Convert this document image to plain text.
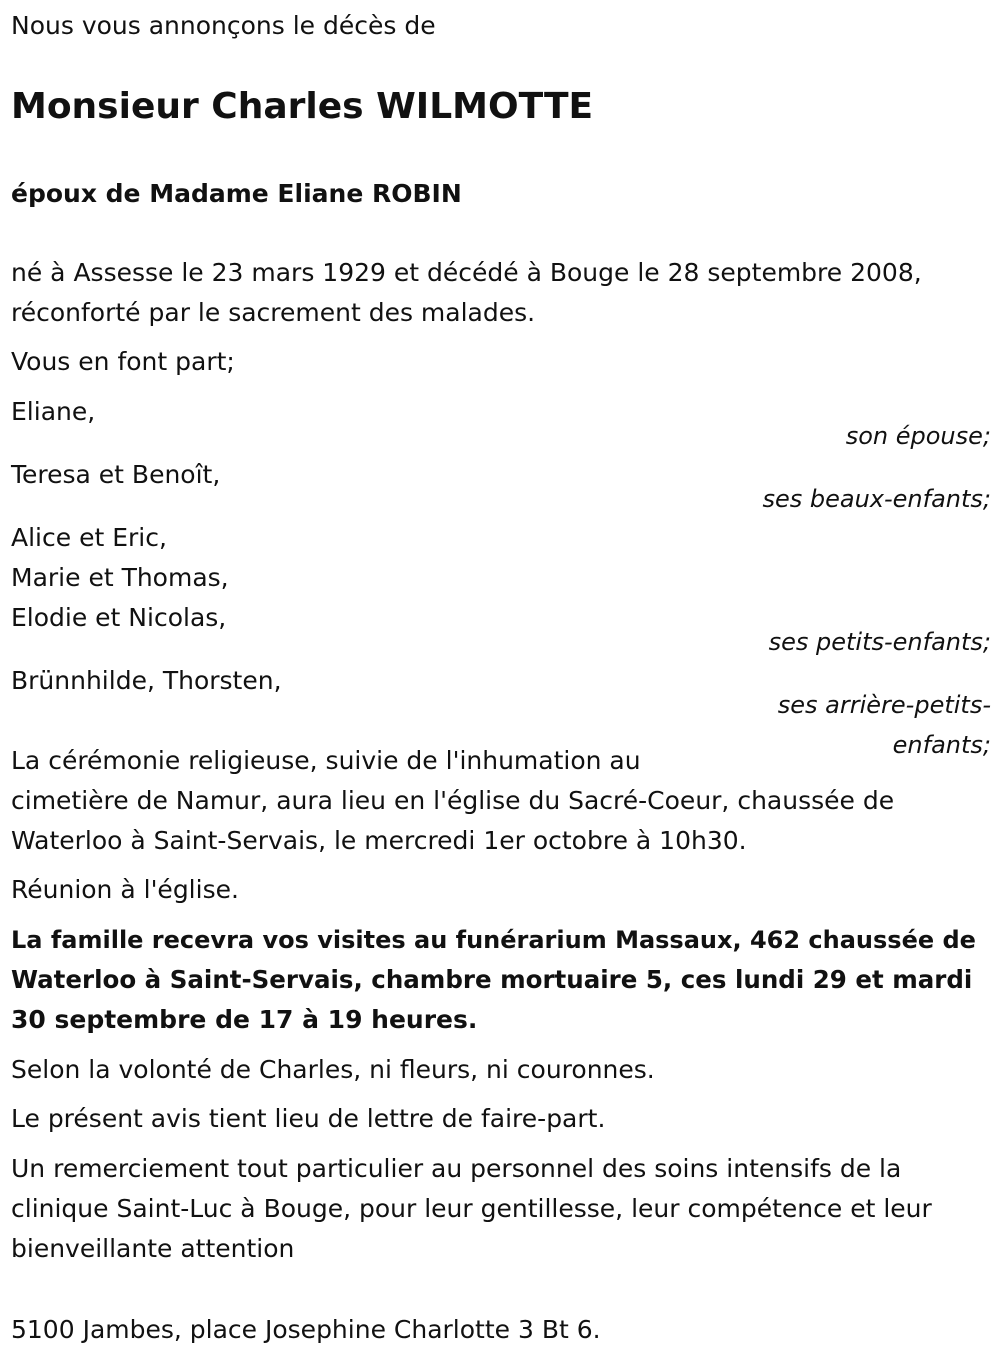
Nous vous annonçons le décès de
Monsieur Charles WILMOTTE
époux de Madame Eliane ROBIN
né à Assesse le 23 mars 1929 et décédé à Bouge le 28 septembre 2008,
réconforté par le sacrement des malades.
Vous en font part;
Eliane,
son épouse;
Teresa et Benoît,
ses beaux-enfants;
Alice et Eric,
Marie et Thomas,
Elodie et Nicolas,
ses petits-enfants;
Brünnhilde, Thorsten,
ses arrière-petits-enfants;
La cérémonie religieuse, suivie de l'inhumation au
cimetière de Namur, aura lieu en l'église du Sacré-Coeur, chaussée de
Waterloo à Saint-Servais, le mercredi 1er octobre à 10h30.
Réunion à l'église.
La famille recevra vos visites au funérarium Massaux, 462 chaussée de
Waterloo à Saint-Servais, chambre mortuaire 5, ces lundi 29 et mardi
30 septembre de 17 à 19 heures.
Selon la volonté de Charles, ni fleurs, ni couronnes.
Le présent avis tient lieu de lettre de faire-part.
Un remerciement tout particulier au personnel des soins intensifs de la
clinique Saint-Luc à Bouge, pour leur gentillesse, leur compétence et leur
bienveillante attention
5100 Jambes, place Josephine Charlotte 3 Bt 6.
